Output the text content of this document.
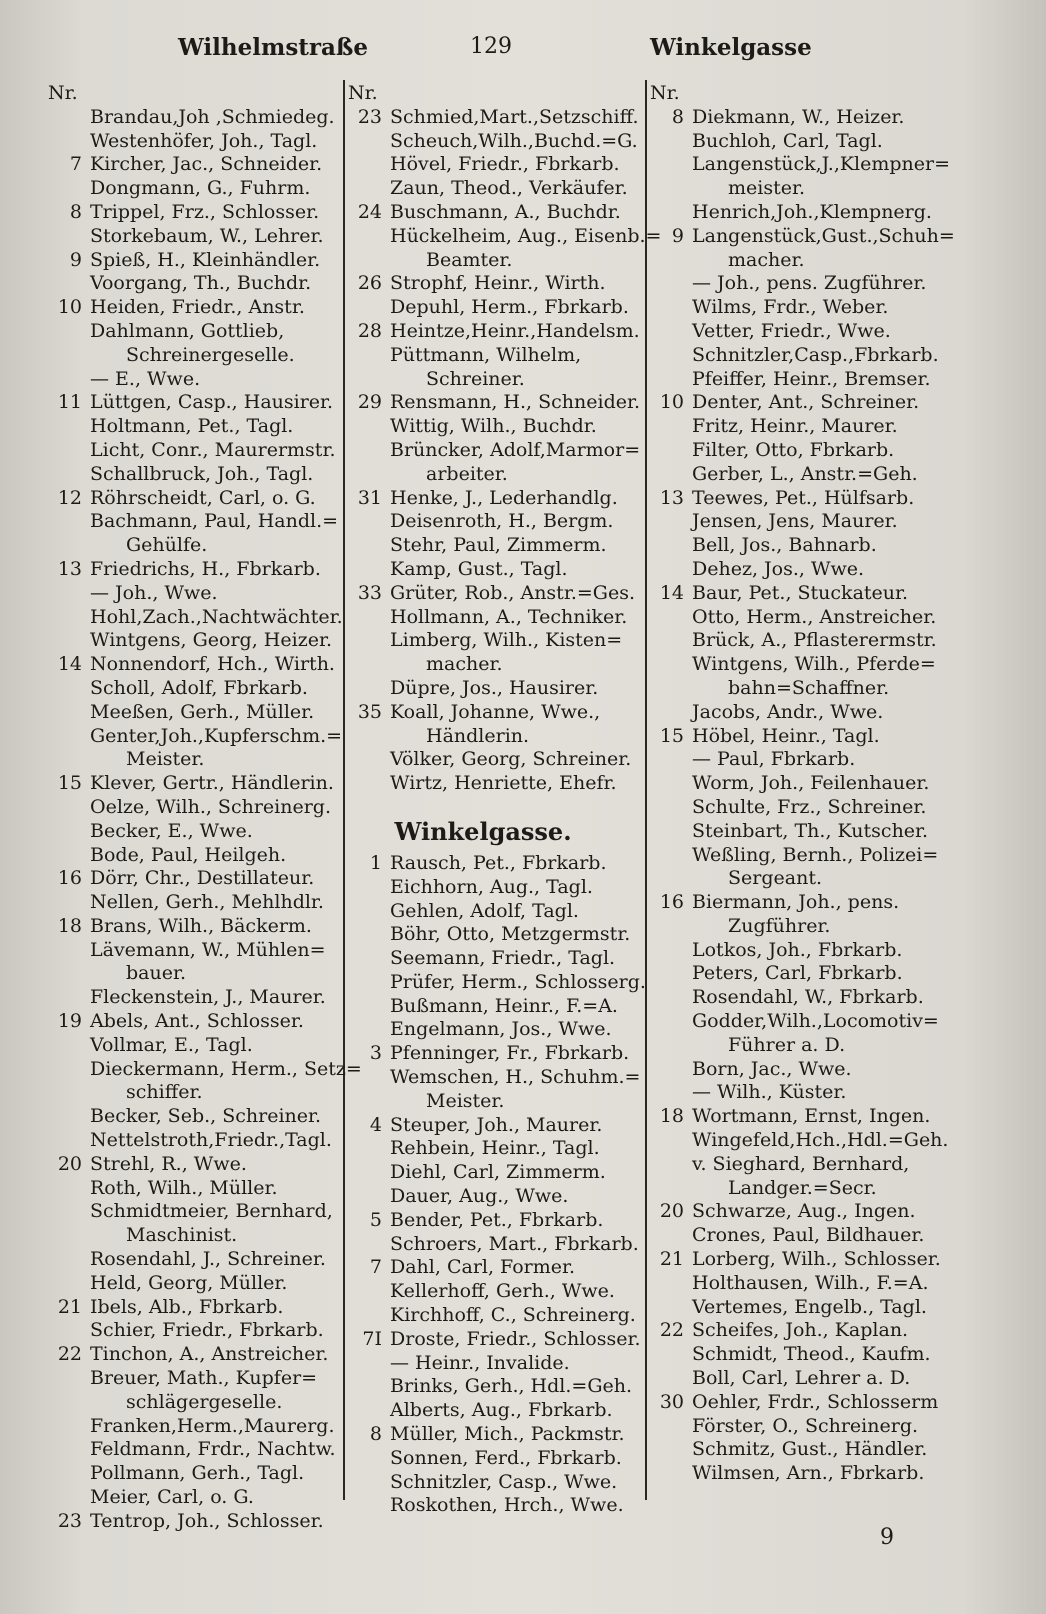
Wilhelmstraße	129	Winkelgasse
Nr.
Brandau,Joh ,Schmiedeg.
Westenhöfer, Joh., Tagl.
7 Kircher, Jac., Schneider.
Dongmann, G., Fuhrm.
8 Trippel, Frz., Schlosser.
Storkebaum, W., Lehrer.
9 Spieß, H., Kleinhändler.
Voorgang, Th., Buchdr.
10 Heiden, Friedr., Anstr.
Dahlmann, Gottlieb,
Schreinergeselle.
— E., Wwe.
11 Lüttgen, Casp., Hausirer.
Holtmann, Pet., Tagl.
Licht, Conr., Maurermstr.
Schallbruck, Joh., Tagl.
12 Röhrscheidt, Carl, o. G.
Bachmann, Paul, Handl.=
Gehülfe.
13 Friedrichs, H., Fbrkarb.
— Joh., Wwe.
Hohl,Zach.,Nachtwächter.
Wintgens, Georg, Heizer.
14 Nonnendorf, Hch., Wirth.
Scholl, Adolf, Fbrkarb.
Meeßen, Gerh., Müller.
Genter,Joh.,Kupferschm.=
Meister.
15 Klever, Gertr., Händlerin.
Oelze, Wilh., Schreinerg.
Becker, E., Wwe.
Bode, Paul, Heilgeh.
16 Dörr, Chr., Destillateur.
Nellen, Gerh., Mehlhdlr.
18 Brans, Wilh., Bäckerm.
Lävemann, W., Mühlen=
bauer.
Fleckenstein, J., Maurer.
19 Abels, Ant., Schlosser.
Vollmar, E., Tagl.
Dieckermann, Herm., Setz=
schiffer.
Becker, Seb., Schreiner.
Nettelstroth,Friedr.,Tagl.
20 Strehl, R., Wwe.
Roth, Wilh., Müller.
Schmidtmeier, Bernhard,
Maschinist.
Rosendahl, J., Schreiner.
Held, Georg, Müller.
21 Ibels, Alb., Fbrkarb.
Schier, Friedr., Fbrkarb.
22 Tinchon, A., Anstreicher.
Breuer, Math., Kupfer=
schlägergeselle.
Franken,Herm.,Maurerg.
Feldmann, Frdr., Nachtw.
Pollmann, Gerh., Tagl.
Meier, Carl, o. G.
23 Tentrop, Joh., Schlosser.
Nr.
23 Schmied,Mart.,Setzschiff.
Scheuch,Wilh.,Buchd.=G.
Hövel, Friedr., Fbrkarb.
Zaun, Theod., Verkäufer.
24 Buschmann, A., Buchdr.
Hückelheim, Aug., Eisenb.=
Beamter.
26 Strophf, Heinr., Wirth.
Depuhl, Herm., Fbrkarb.
28 Heintze,Heinr.,Handelsm.
Püttmann, Wilhelm,
Schreiner.
29 Rensmann, H., Schneider.
Wittig, Wilh., Buchdr.
Brüncker, Adolf,Marmor=
arbeiter.
31 Henke, J., Lederhandlg.
Deisenroth, H., Bergm.
Stehr, Paul, Zimmerm.
Kamp, Gust., Tagl.
33 Grüter, Rob., Anstr.=Ges.
Hollmann, A., Techniker.
Limberg, Wilh., Kisten=
macher.
Düpre, Jos., Hausirer.
35 Koall, Johanne, Wwe.,
Händlerin.
Völker, Georg, Schreiner.
Wirtz, Henriette, Ehefr.
Winkelgasse.
1 Rausch, Pet., Fbrkarb.
Eichhorn, Aug., Tagl.
Gehlen, Adolf, Tagl.
Böhr, Otto, Metzgermstr.
Seemann, Friedr., Tagl.
Prüfer, Herm., Schlosserg.
Bußmann, Heinr., F.=A.
Engelmann, Jos., Wwe.
3 Pfenninger, Fr., Fbrkarb.
Wemschen, H., Schuhm.=
Meister.
4 Steuper, Joh., Maurer.
Rehbein, Heinr., Tagl.
Diehl, Carl, Zimmerm.
Dauer, Aug., Wwe.
5 Bender, Pet., Fbrkarb.
Schroers, Mart., Fbrkarb.
7 Dahl, Carl, Former.
Kellerhoff, Gerh., Wwe.
Kirchhoff, C., Schreinerg.
7I Droste, Friedr., Schlosser.
— Heinr., Invalide.
Brinks, Gerh., Hdl.=Geh.
Alberts, Aug., Fbrkarb.
8 Müller, Mich., Packmstr.
Sonnen, Ferd., Fbrkarb.
Schnitzler, Casp., Wwe.
Roskothen, Hrch., Wwe.
Nr.
8 Diekmann, W., Heizer.
Buchloh, Carl, Tagl.
Langenstück,J.,Klempner=
meister.
Henrich,Joh.,Klempnerg.
9 Langenstück,Gust.,Schuh=
macher.
— Joh., pens. Zugführer.
Wilms, Frdr., Weber.
Vetter, Friedr., Wwe.
Schnitzler,Casp.,Fbrkarb.
Pfeiffer, Heinr., Bremser.
10 Denter, Ant., Schreiner.
Fritz, Heinr., Maurer.
Filter, Otto, Fbrkarb.
Gerber, L., Anstr.=Geh.
13 Teewes, Pet., Hülfsarb.
Jensen, Jens, Maurer.
Bell, Jos., Bahnarb.
Dehez, Jos., Wwe.
14 Baur, Pet., Stuckateur.
Otto, Herm., Anstreicher.
Brück, A., Pflasterermstr.
Wintgens, Wilh., Pferde=
bahn=Schaffner.
Jacobs, Andr., Wwe.
15 Höbel, Heinr., Tagl.
— Paul, Fbrkarb.
Worm, Joh., Feilenhauer.
Schulte, Frz., Schreiner.
Steinbart, Th., Kutscher.
Weßling, Bernh., Polizei=
Sergeant.
16 Biermann, Joh., pens.
Zugführer.
Lotkos, Joh., Fbrkarb.
Peters, Carl, Fbrkarb.
Rosendahl, W., Fbrkarb.
Godder,Wilh.,Locomotiv=
Führer a. D.
Born, Jac., Wwe.
— Wilh., Küster.
18 Wortmann, Ernst, Ingen.
Wingefeld,Hch.,Hdl.=Geh.
v. Sieghard, Bernhard,
Landger.=Secr.
20 Schwarze, Aug., Ingen.
Crones, Paul, Bildhauer.
21 Lorberg, Wilh., Schlosser.
Holthausen, Wilh., F.=A.
Vertemes, Engelb., Tagl.
22 Scheifes, Joh., Kaplan.
Schmidt, Theod., Kaufm.
Boll, Carl, Lehrer a. D.
30 Oehler, Frdr., Schlosserm
Förster, O., Schreinerg.
Schmitz, Gust., Händler.
Wilmsen, Arn., Fbrkarb.
9
